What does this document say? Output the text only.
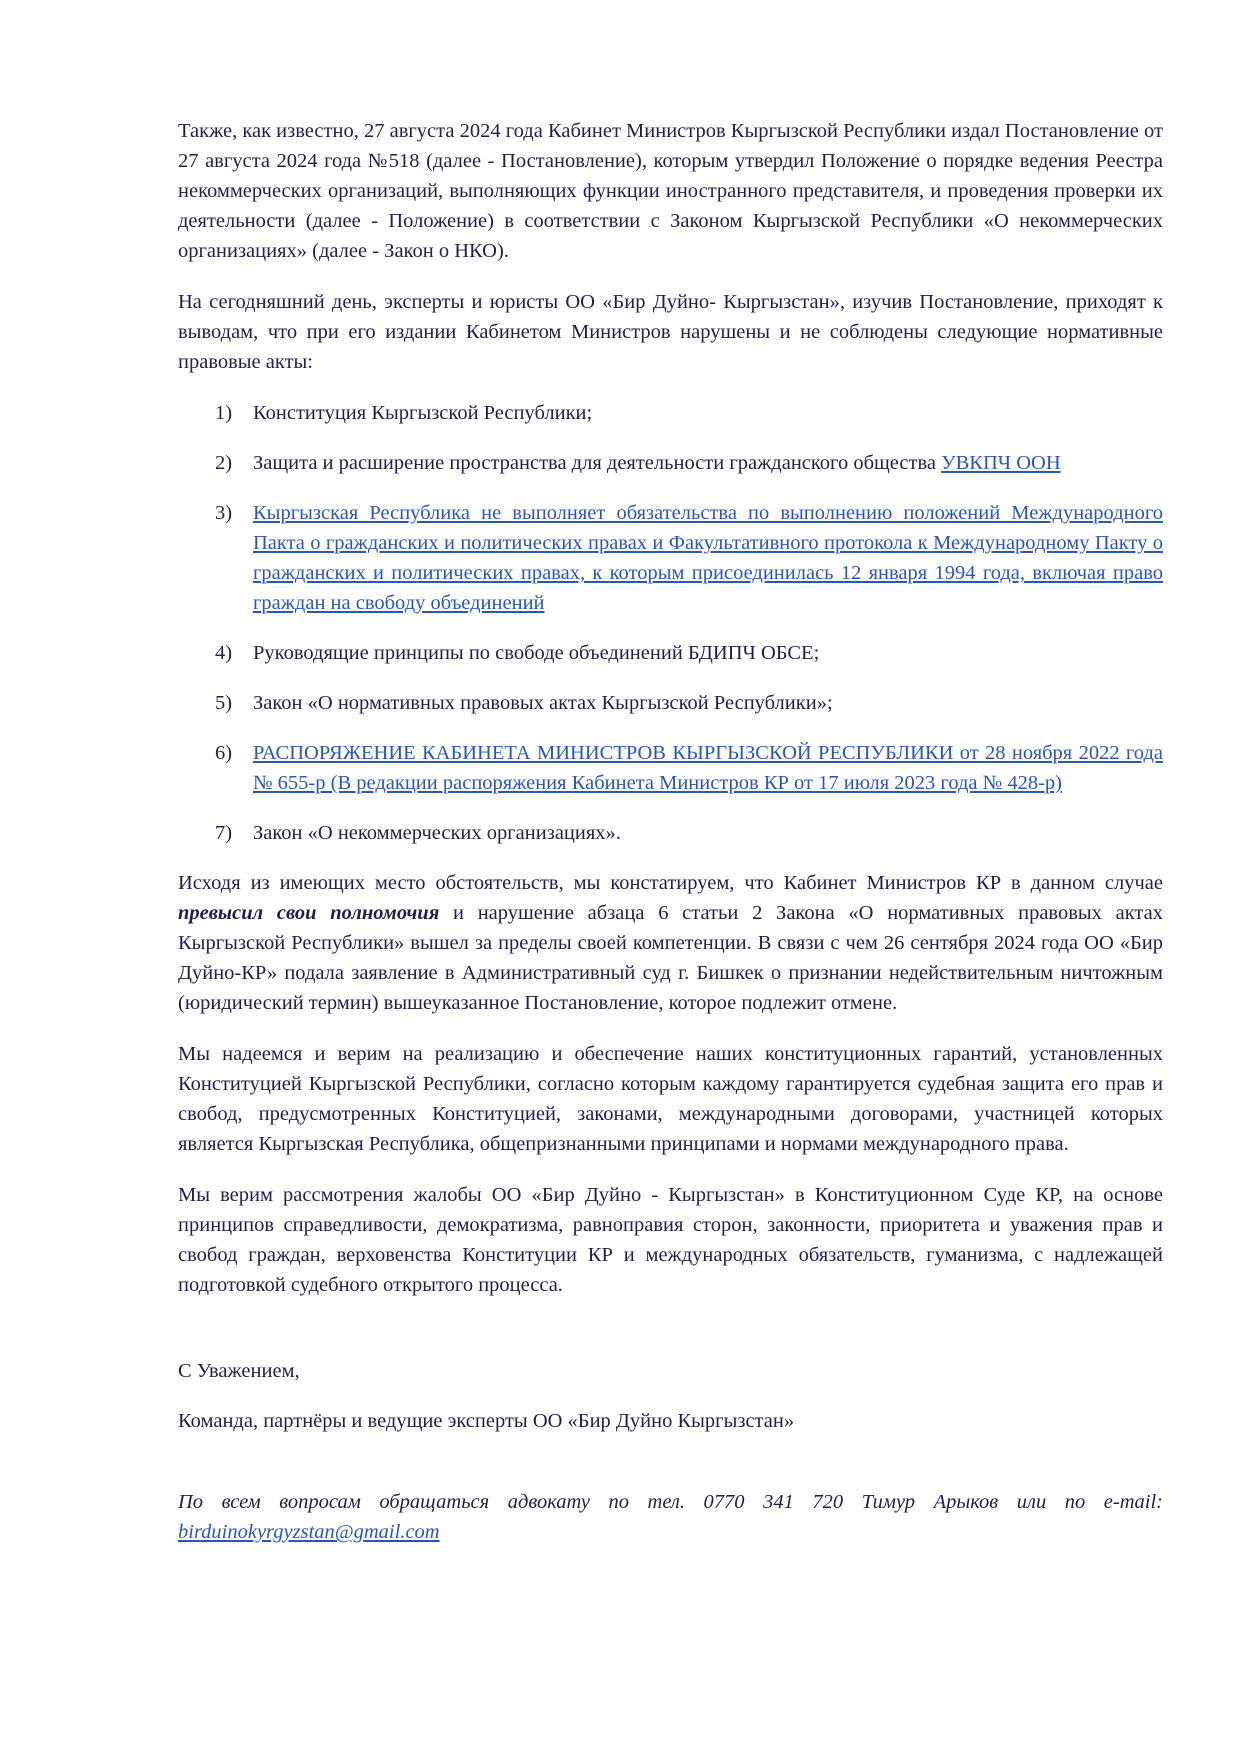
Также, как известно, 27 августа 2024 года Кабинет Министров Кыргызской Республики издал Постановление от 27 августа 2024 года №518 (далее - Постановление), которым утвердил Положение о порядке ведения Реестра некоммерческих организаций, выполняющих функции иностранного представителя, и проведения проверки их деятельности (далее - Положение) в соответствии с Законом Кыргызской Республики «О некоммерческих организациях» (далее - Закон о НКО).

На сегодняшний день, эксперты и юристы ОО «Бир Дуйно- Кыргызстан», изучив Постановление, приходят к выводам, что при его издании Кабинетом Министров нарушены и не соблюдены следующие нормативные правовые акты:

1) Конституция Кыргызской Республики;
2) Защита и расширение пространства для деятельности гражданского общества УВКПЧ ООН
3) Кыргызская Республика не выполняет обязательства по выполнению положений Международного Пакта о гражданских и политических правах и Факультативного протокола к Международному Пакту о гражданских и политических правах, к которым присоединилась 12 января 1994 года, включая право граждан на свободу объединений
4) Руководящие принципы по свободе объединений БДИПЧ ОБСЕ;
5) Закон «О нормативных правовых актах Кыргызской Республики»;
6) РАСПОРЯЖЕНИЕ КАБИНЕТА МИНИСТРОВ КЫРГЫЗСКОЙ РЕСПУБЛИКИ от 28 ноября 2022 года № 655-р (В редакции распоряжения Кабинета Министров КР от 17 июля 2023 года № 428-р)
7) Закон «О некоммерческих организациях».

Исходя из имеющих место обстоятельств, мы констатируем, что Кабинет Министров КР в данном случае превысил свои полномочия и нарушение абзаца 6 статьи 2 Закона «О нормативных правовых актах Кыргызской Республики» вышел за пределы своей компетенции. В связи с чем 26 сентября 2024 года ОО «Бир Дуйно-КР» подала заявление в Административный суд г. Бишкек о признании недействительным ничтожным (юридический термин) вышеуказанное Постановление, которое подлежит отмене.

Мы надеемся и верим на реализацию и обеспечение наших конституционных гарантий, установленных Конституцией Кыргызской Республики, согласно которым каждому гарантируется судебная защита его прав и свобод, предусмотренных Конституцией, законами, международными договорами, участницей которых является Кыргызская Республика, общепризнанными принципами и нормами международного права.

Мы верим рассмотрения жалобы ОО «Бир Дуйно - Кыргызстан» в Конституционном Суде КР, на основе принципов справедливости, демократизма, равноправия сторон, законности, приоритета и уважения прав и свобод граждан, верховенства Конституции КР и международных обязательств, гуманизма, с надлежащей подготовкой судебного открытого процесса.

С Уважением,

Команда, партнёры и ведущие эксперты ОО «Бир Дуйно Кыргызстан»

По всем вопросам обращаться адвокату по тел. 0770 341 720 Тимур Арыков или по e-mail: birduinokyrgyzstan@gmail.com
